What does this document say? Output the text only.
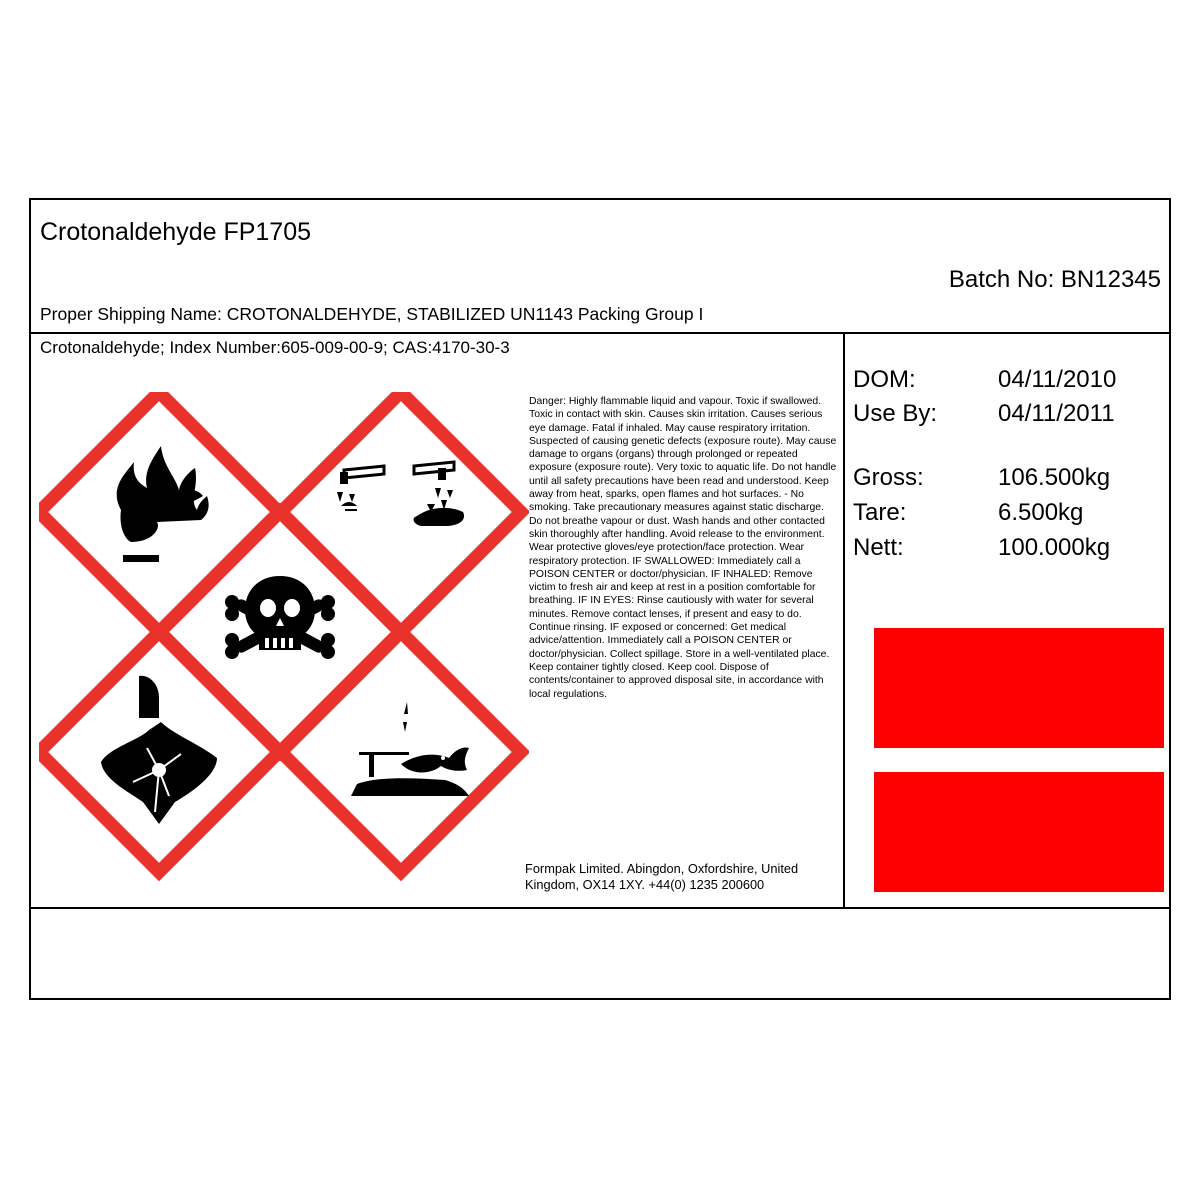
Crotonaldehyde FP1705
Batch No: BN12345
Proper Shipping Name: CROTONALDEHYDE, STABILIZED UN1143 Packing Group I
Crotonaldehyde; Index Number:605-009-00-9; CAS:4170-30-3
Danger: Highly flammable liquid and vapour. Toxic if swallowed. Toxic in contact with skin. Causes skin irritation. Causes serious eye damage. Fatal if inhaled. May cause respiratory irritation. Suspected of causing genetic defects (exposure route). May cause damage to organs (organs) through prolonged or repeated exposure (exposure route). Very toxic to aquatic life. Do not handle until all safety precautions have been read and understood. Keep away from heat, sparks, open flames and hot surfaces. - No smoking. Take precautionary measures against static discharge. Do not breathe vapour or dust. Wash hands and other contacted skin thoroughly after handling. Avoid release to the environment. Wear protective gloves/eye protection/face protection. Wear respiratory protection. IF SWALLOWED: Immediately call a POISON CENTER or doctor/physician. IF INHALED: Remove victim to fresh air and keep at rest in a position comfortable for breathing. IF IN EYES: Rinse cautiously with water for several minutes. Remove contact lenses, if present and easy to do. Continue rinsing. IF exposed or concerned: Get medical advice/attention. Immediately call a POISON CENTER or doctor/physician. Collect spillage. Store in a well-ventilated place. Keep container tightly closed. Keep cool. Dispose of contents/container to approved disposal site, in accordance with local regulations.
Formpak Limited. Abingdon, Oxfordshire, United Kingdom, OX14 1XY. +44(0) 1235 200600
DOM:	04/11/2010
Use By:	04/11/2011
Gross:	106.500kg
Tare:	6.500kg
Nett:	100.000kg
